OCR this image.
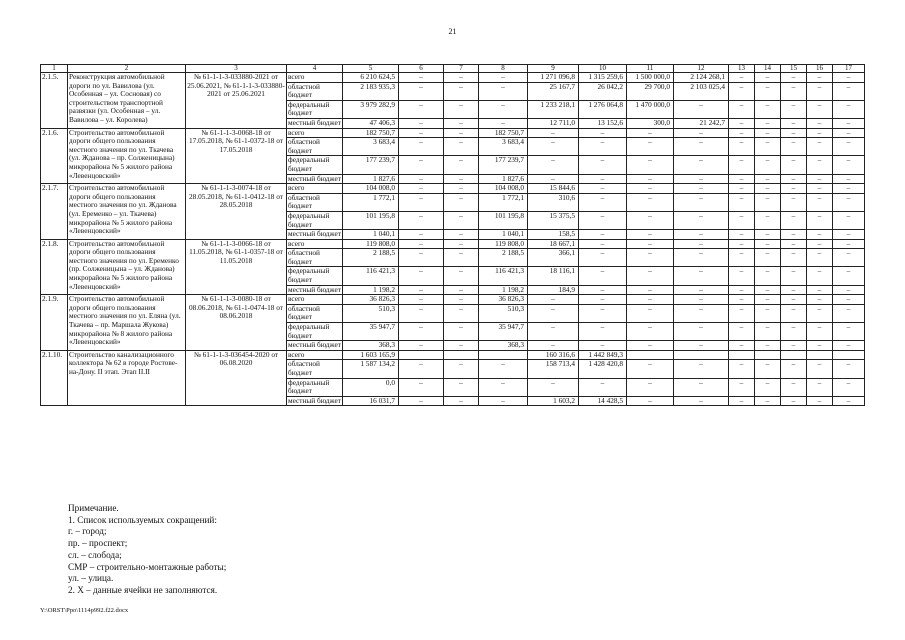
21
1	2	3	4	5	6	7	8	9	10	11	12	13	14	15	16	17
2.1.5.	Реконструкция автомобильной дороги по ул. Вавилова (ул. Особенная – ул. Сосновая) со строительством транспортной развязки (ул. Особенная – ул. Вавилова – ул. Королева)	№ 61-1-1-3-033880-2021 от 25.06.2021, № 61-1-1-3-033880-2021 от 25.06.2021	всего	6 210 624,5	–	–	–	1 271 096,8	1 315 259,6	1 500 000,0	2 124 268,1	–	–	–	–	–
			областной бюджет	2 183 935,3	–	–	–	25 167,7	26 042,2	29 700,0	2 103 025,4	–	–	–	–	–
			федеральный бюджет	3 979 282,9	–	–	–	1 233 218,1	1 276 064,8	1 470 000,0	–	–	–	–	–	–
			местный бюджет	47 406,3	–	–	–	12 711,0	13 152,6	300,0	21 242,7	–	–	–	–	–
2.1.6.	Строительство автомобильной дороги общего пользования местного значения по ул. Ткачева (ул. Жданова – пр. Солженицына) микрорайона № 5 жилого района «Левенцовский»	№ 61-1-1-3-0068-18 от 17.05.2018, № 61-1-0372-18 от 17.05.2018	всего	182 750,7	–	–	182 750,7	–	–	–	–	–	–	–	–	–
			областной бюджет	3 683,4	–	–	3 683,4	–	–	–	–	–	–	–	–	–
			федеральный бюджет	177 239,7	–	–	177 239,7	–	–	–	–	–	–	–	–	–
			местный бюджет	1 827,6	–	–	1 827,6	–	–	–	–	–	–	–	–	–
2.1.7.	Строительство автомобильной дороги общего пользования местного значения по ул. Жданова (ул. Еременко – ул. Ткачева) микрорайона № 5 жилого района «Левенцовский»	№ 61-1-1-3-0074-18 от 28.05.2018, № 61-1-0412-18 от 28.05.2018	всего	104 008,0	–	–	104 008,0	15 844,6	–	–	–	–	–	–	–	–
			областной бюджет	1 772,1	–	–	1 772,1	310,6	–	–	–	–	–	–	–	–
			федеральный бюджет	101 195,8	–	–	101 195,8	15 375,5	–	–	–	–	–	–	–	–
			местный бюджет	1 040,1	–	–	1 040,1	158,5	–	–	–	–	–	–	–	–
2.1.8.	Строительство автомобильной дороги общего пользования местного значения по ул. Еременко (пр. Солженицына – ул. Жданова) микрорайона № 5 жилого района «Левенцовский»	№ 61-1-1-3-0066-18 от 11.05.2018, № 61-1-0357-18 от 11.05.2018	всего	119 808,0	–	–	119 808,0	18 667,1	–	–	–	–	–	–	–	–
			областной бюджет	2 188,5	–	–	2 188,5	366,1	–	–	–	–	–	–	–	–
			федеральный бюджет	116 421,3	–	–	116 421,3	18 116,1	–	–	–	–	–	–	–	–
			местный бюджет	1 198,2	–	–	1 198,2	184,9	–	–	–	–	–	–	–	–
2.1.9.	Строительство автомобильной дороги общего пользования местного значения по ул. Еляна (ул. Ткачева – пр. Маршала Жукова) микрорайона № 8 жилого района «Левенцовский»	№ 61-1-1-3-0080-18 от 08.06.2018, № 61-1-0474-18 от 08.06.2018	всего	36 826,3	–	–	36 826,3	–	–	–	–	–	–	–	–	–
			областной бюджет	510,3	–	–	510,3	–	–	–	–	–	–	–	–	–
			федеральный бюджет	35 947,7	–	–	35 947,7	–	–	–	–	–	–	–	–	–
			местный бюджет	368,3	–	–	368,3	–	–	–	–	–	–	–	–	–
2.1.10.	Строительство канализационного коллектора № 62 в городе Ростове-на-Дону. II этап. Этап II.II	№ 61-1-1-3-036454-2020 от 06.08.2020	всего	1 603 165,9				160 316,6	1 442 849,3							
			областной бюджет	1 587 134,2	–	–	–	158 713,4	1 428 420,8	–	–	–	–	–	–	–
			федеральный бюджет	0,0	–	–	–	–	–	–	–	–	–	–	–	–
			местный бюджет	16 031,7	–	–	–	1 603,2	14 428,5	–	–	–	–	–	–	–
Примечание.
1. Список используемых сокращений:
г. – город;
пр. – проспект;
сл. – слобода;
СМР – строительно-монтажные работы;
ул. – улица.
2. Х – данные ячейки не заполняются.
Y:\ORST\Ppo\1114p992.f22.docx
